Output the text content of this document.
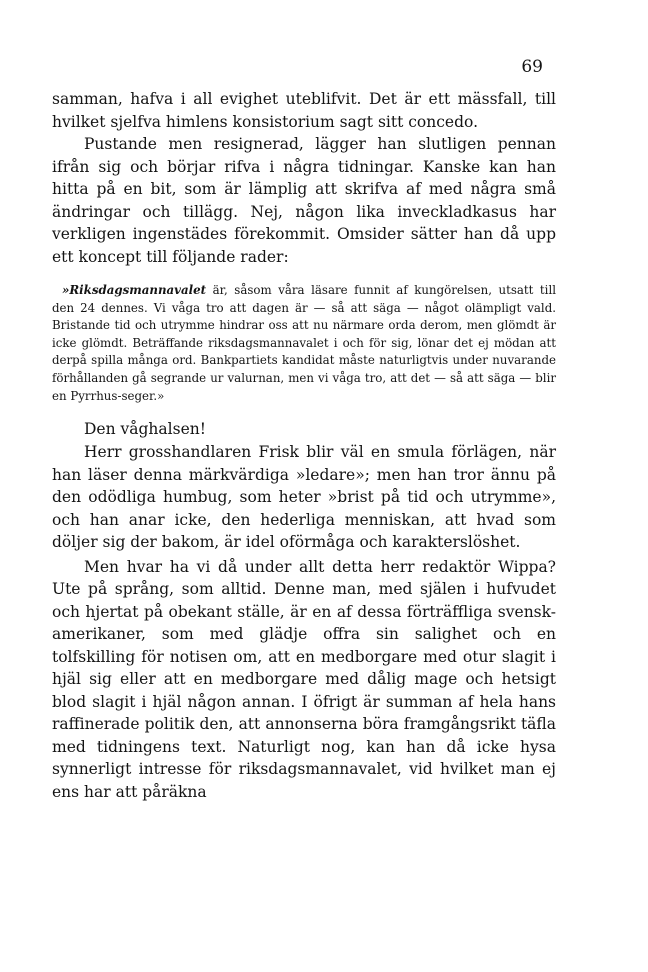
69

samman, hafva i all evighet uteblifvit. Det är ett mässfall, till hvilket sjelfva himlens konsistorium sagt sitt concedo.

Pustande men resignerad, lägger han slutligen pennan ifrån sig och börjar rifva i några tidningar. Kanske kan han hitta på en bit, som är lämplig att skrifva af med några små ändringar och tillägg. Nej, någon lika inveckladkasus har verkligen ingenstädes förekommit. Omsider sätter han då upp ett koncept till följande rader:

»Riksdagsmannavalet är, såsom våra läsare funnit af kungörelsen, utsatt till den 24 dennes. Vi våga tro att dagen är — så att säga — något olämpligt vald. Bristande tid och utrymme hindrar oss att nu närmare orda derom, men glömdt är icke glömdt. Beträffande riksdagsmannavalet i och för sig, lönar det ej mödan att derpå spilla många ord. Bankpartiets kandidat måste naturligtvis under nuvarande förhållanden gå segrande ur valurnan, men vi våga tro, att det — så att säga — blir en Pyrrhus-seger.»

Den våghalsen!

Herr grosshandlaren Frisk blir väl en smula förlägen, när han läser denna märkvärdiga »ledare»; men han tror ännu på den odödliga humbug, som heter »brist på tid och utrymme», och han anar icke, den hederliga menniskan, att hvad som döljer sig der bakom, är idel oförmåga och karakterslöshet.

Men hvar ha vi då under allt detta herr redaktör Wippa? Ute på språng, som alltid. Denne man, med själen i hufvudet och hjertat på obekant ställe, är en af dessa förträffliga svensk-amerikaner, som med glädje offra sin salighet och en tolfskilling för notisen om, att en medborgare med otur slagit i hjäl sig eller att en medborgare med dålig mage och hetsigt blod slagit i hjäl någon annan. I öfrigt är summan af hela hans raffinerade politik den, att annonserna böra framgångsrikt täfla med tidningens text. Naturligt nog, kan han då icke hysa synnerligt intresse för riksdagsmannavalet, vid hvilket man ej ens har att påräkna
